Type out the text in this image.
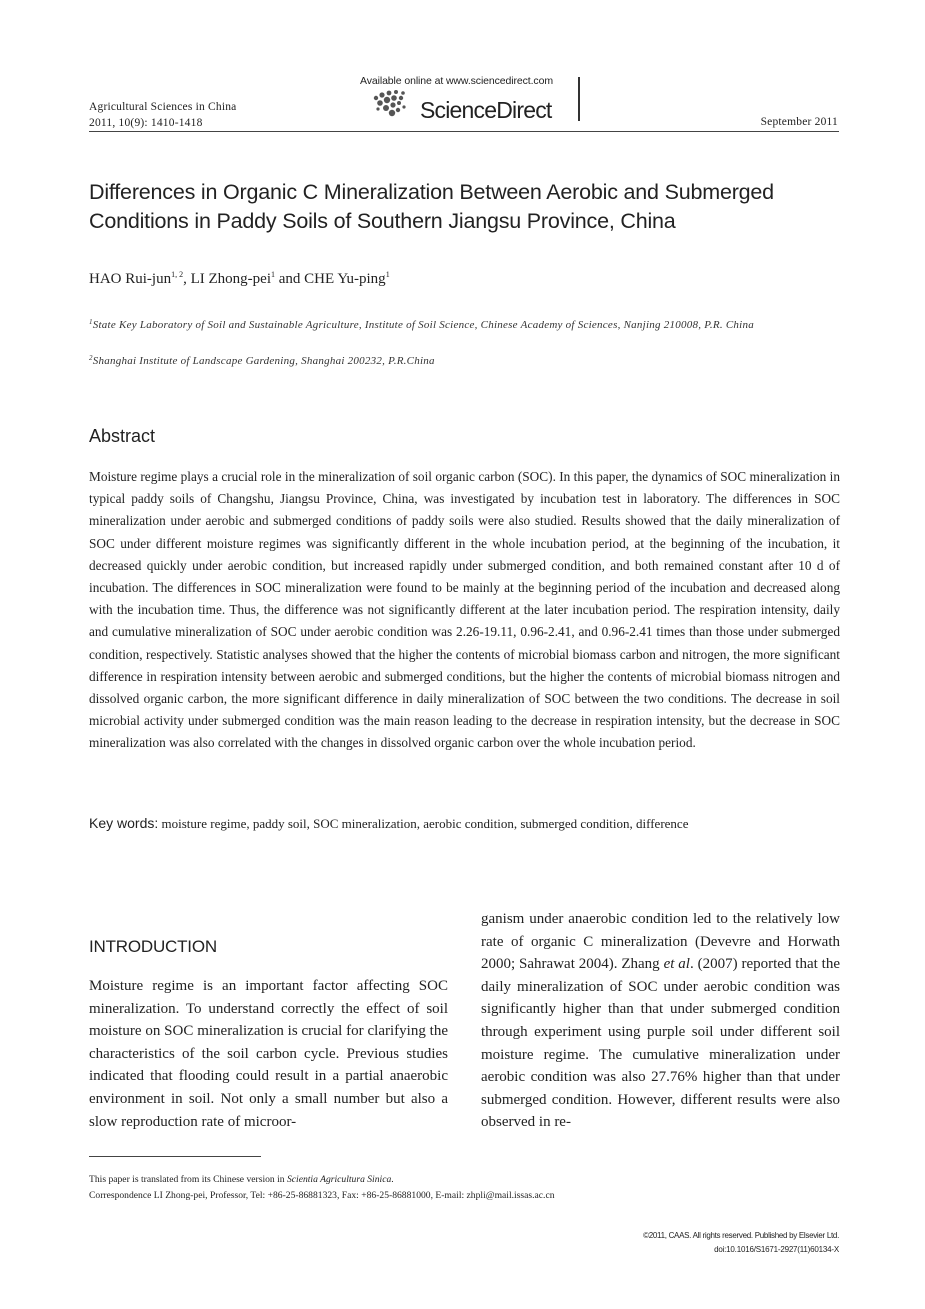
Agricultural Sciences in China
2011, 10(9): 1410-1418
Available online at www.sciencedirect.com
ScienceDirect	September 2011
Differences in Organic C Mineralization Between Aerobic and Submerged
Conditions in Paddy Soils of Southern Jiangsu Province, China
HAO Rui-jun$^{1, 2}$, LI Zhong-pei$^1$ and CHE Yu-ping$^1$
$^1$State Key Laboratory of Soil and Sustainable Agriculture, Institute of Soil Science, Chinese Academy of Sciences, Nanjing 210008, P.R. China
$^2$Shanghai Institute of Landscape Gardening, Shanghai 200232, P.R.China
Abstract
Moisture regime plays a crucial role in the mineralization of soil organic carbon (SOC). In this paper, the dynamics of SOC mineralization in typical paddy soils of Changshu, Jiangsu Province, China, was investigated by incubation test in laboratory. The differences in SOC mineralization under aerobic and submerged conditions of paddy soils were also studied. Results showed that the daily mineralization of SOC under different moisture regimes was significantly different in the whole incubation period, at the beginning of the incubation, it decreased quickly under aerobic condition, but increased rapidly under submerged condition, and both remained constant after 10 d of incubation. The differences in SOC mineralization were found to be mainly at the beginning period of the incubation and decreased along with the incubation time. Thus, the difference was not significantly different at the later incubation period. The respiration intensity, daily and cumulative mineralization of SOC under aerobic condition was 2.26-19.11, 0.96-2.41, and 0.96-2.41 times than those under submerged condition, respectively. Statistic analyses showed that the higher the contents of microbial biomass carbon and nitrogen, the more significant difference in respiration intensity between aerobic and submerged conditions, but the higher the contents of microbial biomass nitrogen and dissolved organic carbon, the more significant difference in daily mineralization of SOC between the two conditions. The decrease in soil microbial activity under submerged condition was the main reason leading to the decrease in respiration intensity, but the decrease in SOC mineralization was also correlated with the changes in dissolved organic carbon over the whole incubation period.
Key words: moisture regime, paddy soil, SOC mineralization, aerobic condition, submerged condition, difference
INTRODUCTION
Moisture regime is an important factor affecting SOC mineralization. To understand correctly the effect of soil moisture on SOC mineralization is crucial for clarifying the characteristics of the soil carbon cycle. Previous studies indicated that flooding could result in a partial anaerobic environment in soil. Not only a small number but also a slow reproduction rate of microor-
ganism under anaerobic condition led to the relatively low rate of organic C mineralization (Devevre and Horwath 2000; Sahrawat 2004). Zhang et al. (2007) reported that the daily mineralization of SOC under aerobic condition was significantly higher than that under submerged condition through experiment using purple soil under different soil moisture regime. The cumulative mineralization under aerobic condition was also 27.76% higher than that under submerged condition. However, different results were also observed in re-
This paper is translated from its Chinese version in Scientia Agricultura Sinica.
Correspondence LI Zhong-pei, Professor, Tel: +86-25-86881323, Fax: +86-25-86881000, E-mail: zhpli@mail.issas.ac.cn
©2011, CAAS. All rights reserved. Published by Elsevier Ltd.
doi:10.1016/S1671-2927(11)60134-X
